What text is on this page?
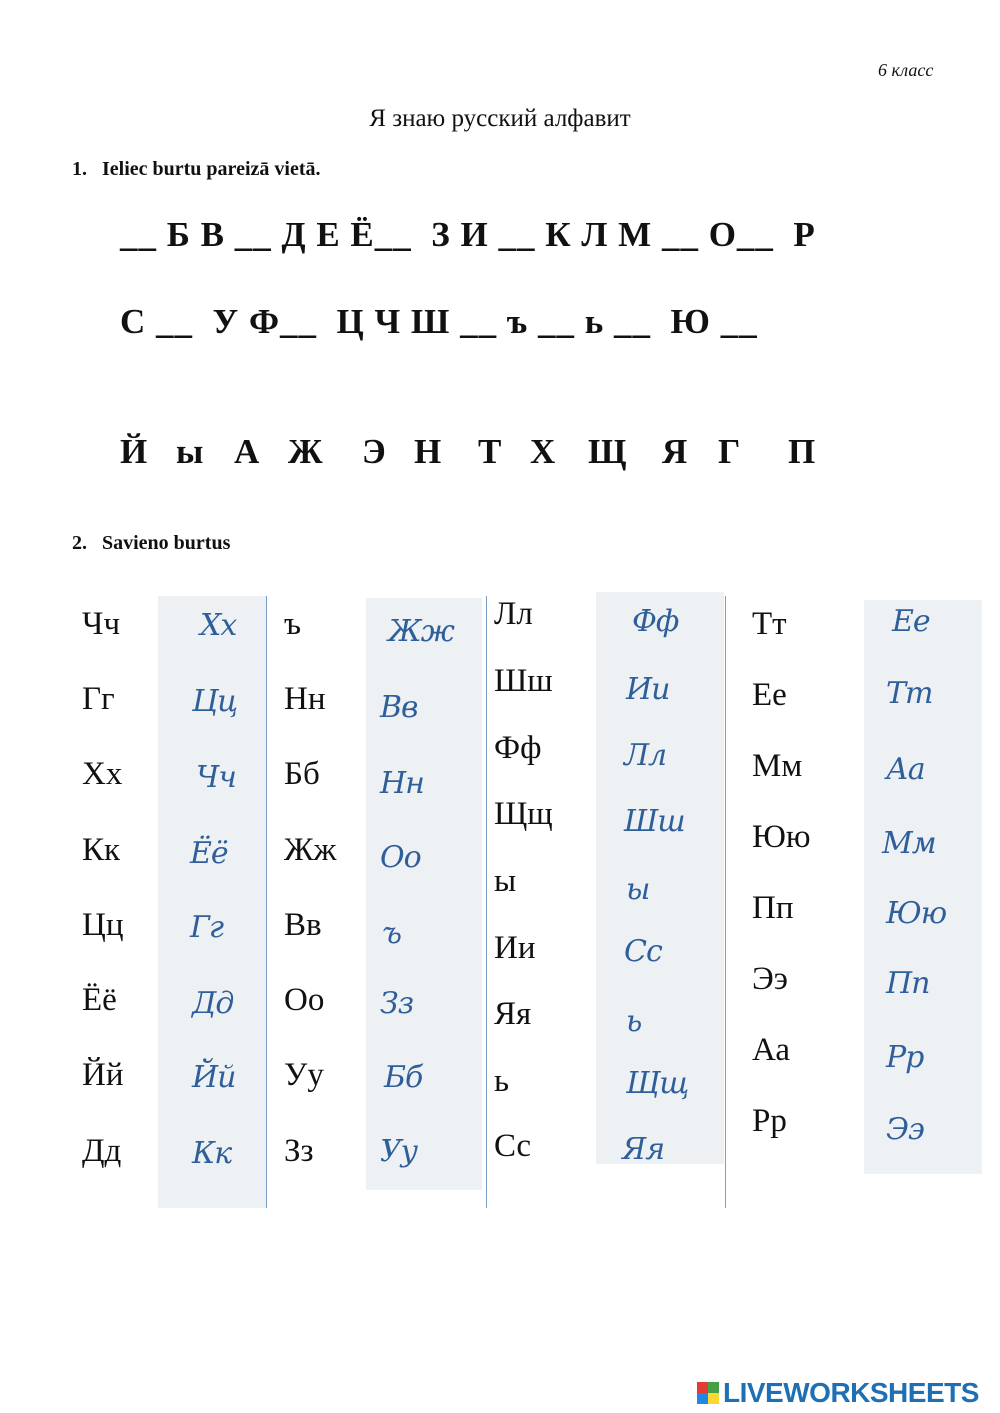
6 класс
Я знаю русский алфавит
1. Ieliec burtu pareizā vietā.
__ Б В __ Д Е Ё__  З И __ К Л М __ О__  Р
С __  У Ф__  Ц Ч Ш __ ъ __ ь __  Ю __
Й ы А Ж Э Н Т Х Щ Я Г П
2. Savieno burtus
Чч
Гг
Хх
Кк
Цц
Ёё
Йй
Дд
Хх
Цц
Чч
Ёё
Гг
Дд
Йй
Кк
ъ
Нн
Бб
Жж
Вв
Оо
Уу
Зз
Жж
Вв
Нн
Оо
ъ
Зз
Бб
Уу
Лл
Шш
Фф
Щщ
ы
Ии
Яя
ь
Сс
Фф
Ии
Лл
Шш
ы
Сс
ь
Щщ
Яя
Тт
Ее
Мм
Юю
Пп
Ээ
Аа
Рр
Ее
Тт
Аа
Мм
Юю
Пп
Рр
Ээ
LIVEWORKSHEETS
